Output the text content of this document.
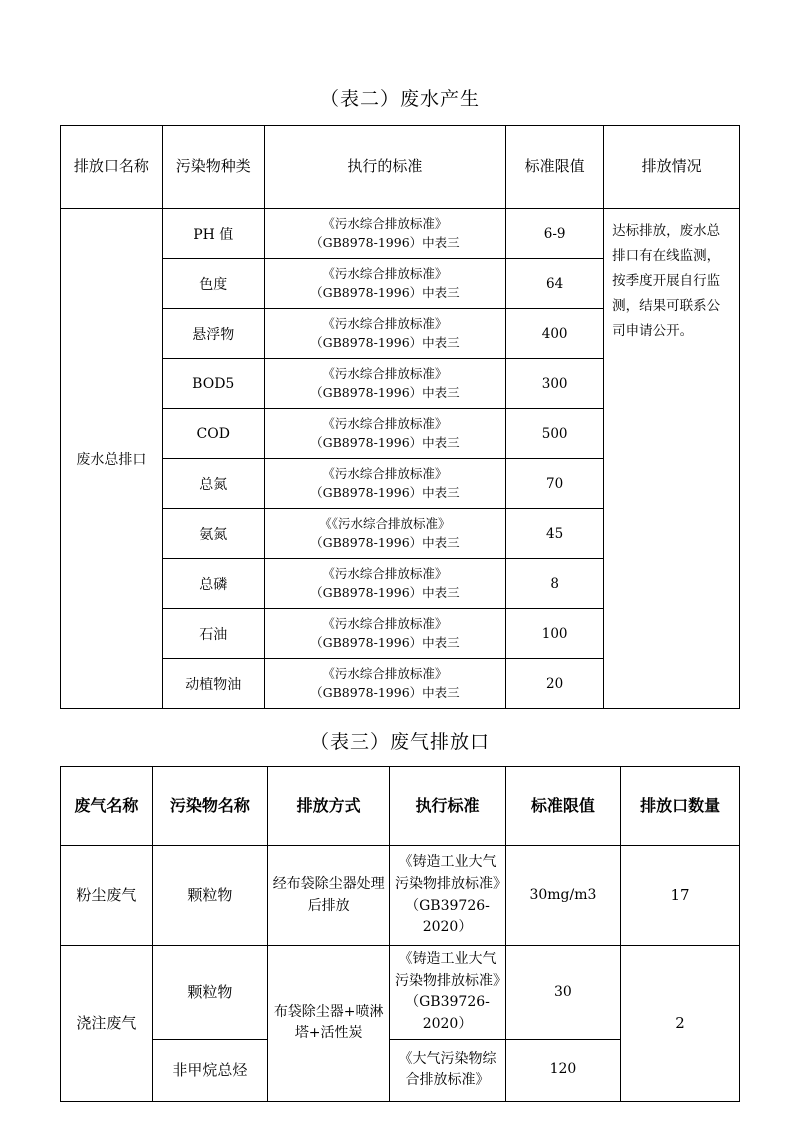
（表二）废水产生
排放口名称	污染物种类	执行的标准	标准限值	排放情况
废水总排口	PH 值	《污水综合排放标准》
（GB8978-1996）中表三	6-9	达标排放，废水总排口有在线监测，按季度开展自行监测，结果可联系公司申请公开。
	色度	《污水综合排放标准》
（GB8978-1996）中表三	64	
	悬浮物	《污水综合排放标准》
（GB8978-1996）中表三	400	
	BOD5	《污水综合排放标准》
（GB8978-1996）中表三	300	
	COD	《污水综合排放标准》
（GB8978-1996）中表三	500	
	总氮	《污水综合排放标准》
（GB8978-1996）中表三	70	
	氨氮	《《污水综合排放标准》
（GB8978-1996）中表三	45	
	总磷	《污水综合排放标准》
（GB8978-1996）中表三	8	
	石油	《污水综合排放标准》
（GB8978-1996）中表三	100	
	动植物油	《污水综合排放标准》
（GB8978-1996）中表三	20	
（表三）废气排放口
废气名称	污染物名称	排放方式	执行标准	标准限值	排放口数量
粉尘废气	颗粒物	经布袋除尘器处理后排放	《铸造工业大气污染物排放标准》（GB39726-2020）	30mg/m3	17
浇注废气	颗粒物	布袋除尘器+喷淋塔+活性炭	《铸造工业大气污染物排放标准》（GB39726-2020）	30	2
	非甲烷总烃		《大气污染物综合排放标准》	120	
